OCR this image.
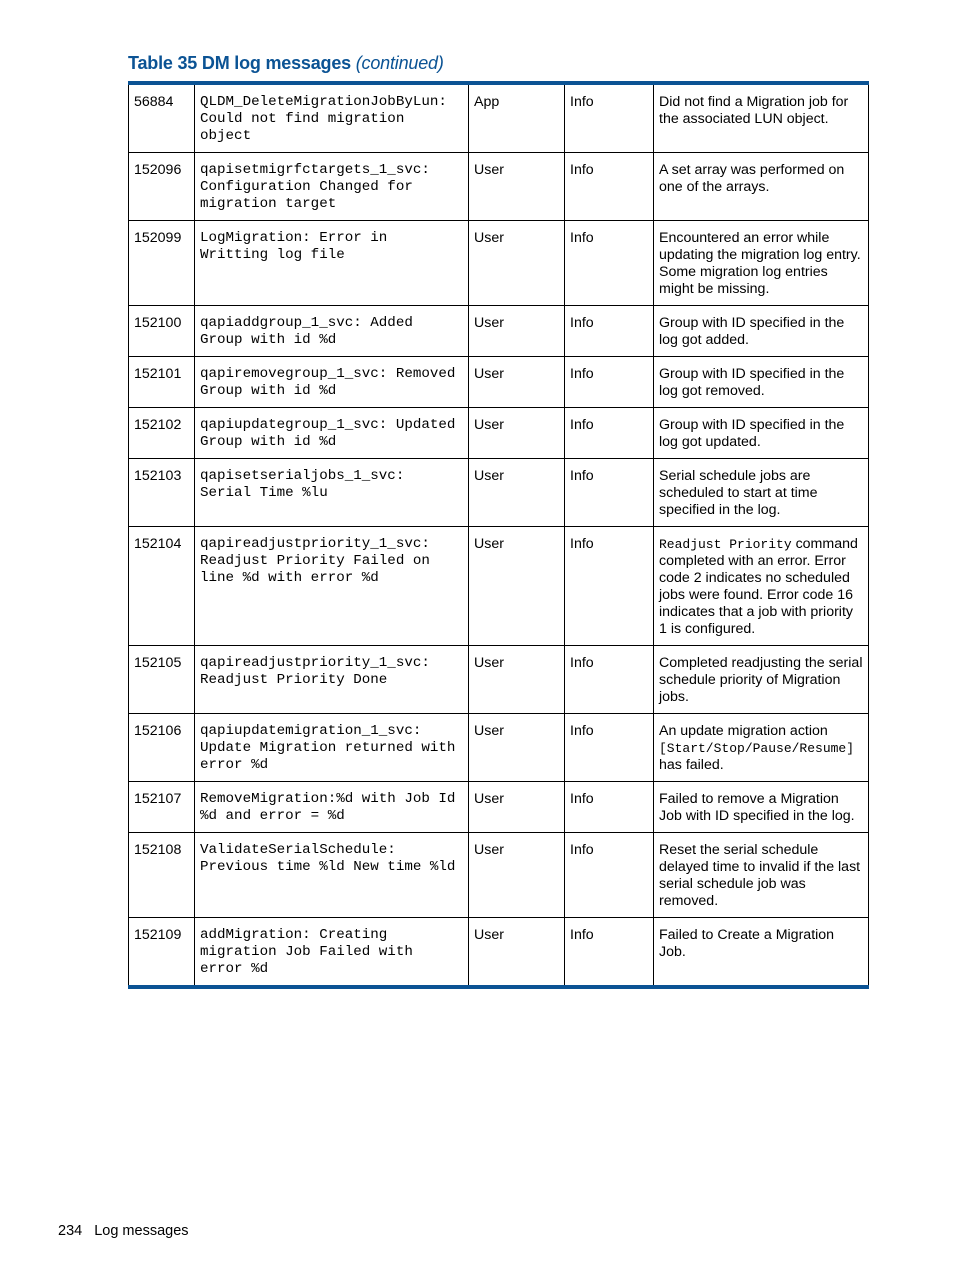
Table 35 DM log messages (continued)
56884	QLDM_DeleteMigrationJobByLun: Could not find migration object	App	Info	Did not find a Migration job for the associated LUN object.
152096	qapisetmigrfctargets_1_svc: Configuration Changed for migration target	User	Info	A set array was performed on one of the arrays.
152099	LogMigration: Error in Writting log file	User	Info	Encountered an error while updating the migration log entry. Some migration log entries might be missing.
152100	qapiaddgroup_1_svc: Added Group with id %d	User	Info	Group with ID specified in the log got added.
152101	qapiremovegroup_1_svc: Removed Group with id %d	User	Info	Group with ID specified in the log got removed.
152102	qapiupdategroup_1_svc: Updated Group with id %d	User	Info	Group with ID specified in the log got updated.
152103	qapisetserialjobs_1_svc: Serial Time %lu	User	Info	Serial schedule jobs are scheduled to start at time specified in the log.
152104	qapireadjustpriority_1_svc: Readjust Priority Failed on line %d with error %d	User	Info	Readjust Priority command completed with an error. Error code 2 indicates no scheduled jobs were found. Error code 16 indicates that a job with priority 1 is configured.
152105	qapireadjustpriority_1_svc: Readjust Priority Done	User	Info	Completed readjusting the serial schedule priority of Migration jobs.
152106	qapiupdatemigration_1_svc: Update Migration returned with error %d	User	Info	An update migration action [Start/Stop/Pause/Resume] has failed.
152107	RemoveMigration:%d with Job Id %d and error = %d	User	Info	Failed to remove a Migration Job with ID specified in the log.
152108	ValidateSerialSchedule: Previous time %ld New time %ld	User	Info	Reset the serial schedule delayed time to invalid if the last serial schedule job was removed.
152109	addMigration: Creating migration Job Failed with error %d	User	Info	Failed to Create a Migration Job.
234 Log messages
